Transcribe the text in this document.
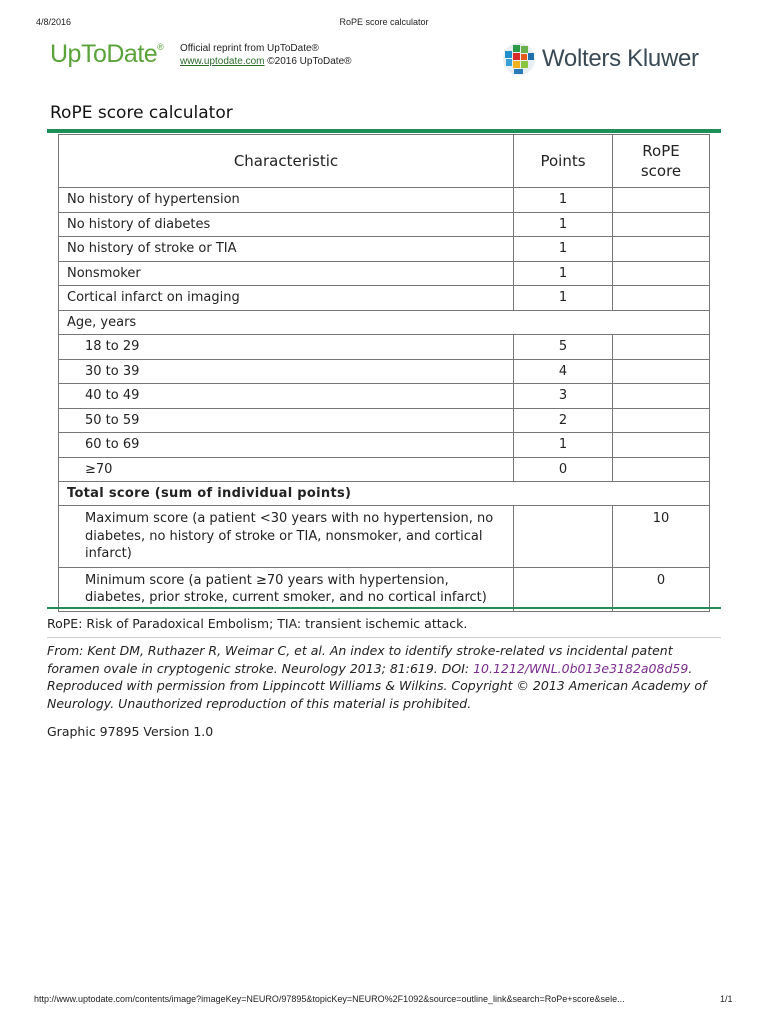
4/8/2016	RoPE score calculator
UpToDate® Official reprint from UpToDate®
www.uptodate.com ©2016 UpToDate®	Wolters Kluwer
RoPE score calculator
Characteristic	Points	RoPE
score
No history of hypertension	1	
No history of diabetes	1	
No history of stroke or TIA	1	
Nonsmoker	1	
Cortical infarct on imaging	1	
Age, years		
18 to 29	5	
30 to 39	4	
40 to 49	3	
50 to 59	2	
60 to 69	1	
≥70	0	
Total score (sum of individual points)		
Maximum score (a patient <30 years with no hypertension, no diabetes, no history of stroke or TIA, nonsmoker, and cortical infarct)		10
Minimum score (a patient ≥70 years with hypertension, diabetes, prior stroke, current smoker, and no cortical infarct)		0
RoPE: Risk of Paradoxical Embolism; TIA: transient ischemic attack.
From: Kent DM, Ruthazer R, Weimar C, et al. An index to identify stroke-related vs incidental patent foramen ovale in cryptogenic stroke. Neurology 2013; 81:619. DOI: 10.1212/WNL.0b013e3182a08d59. Reproduced with permission from Lippincott Williams & Wilkins. Copyright © 2013 American Academy of Neurology. Unauthorized reproduction of this material is prohibited.
Graphic 97895 Version 1.0
http://www.uptodate.com/contents/image?imageKey=NEURO/97895&topicKey=NEURO%2F1092&source=outline_link&search=RoPe+score&sele...	1/1
